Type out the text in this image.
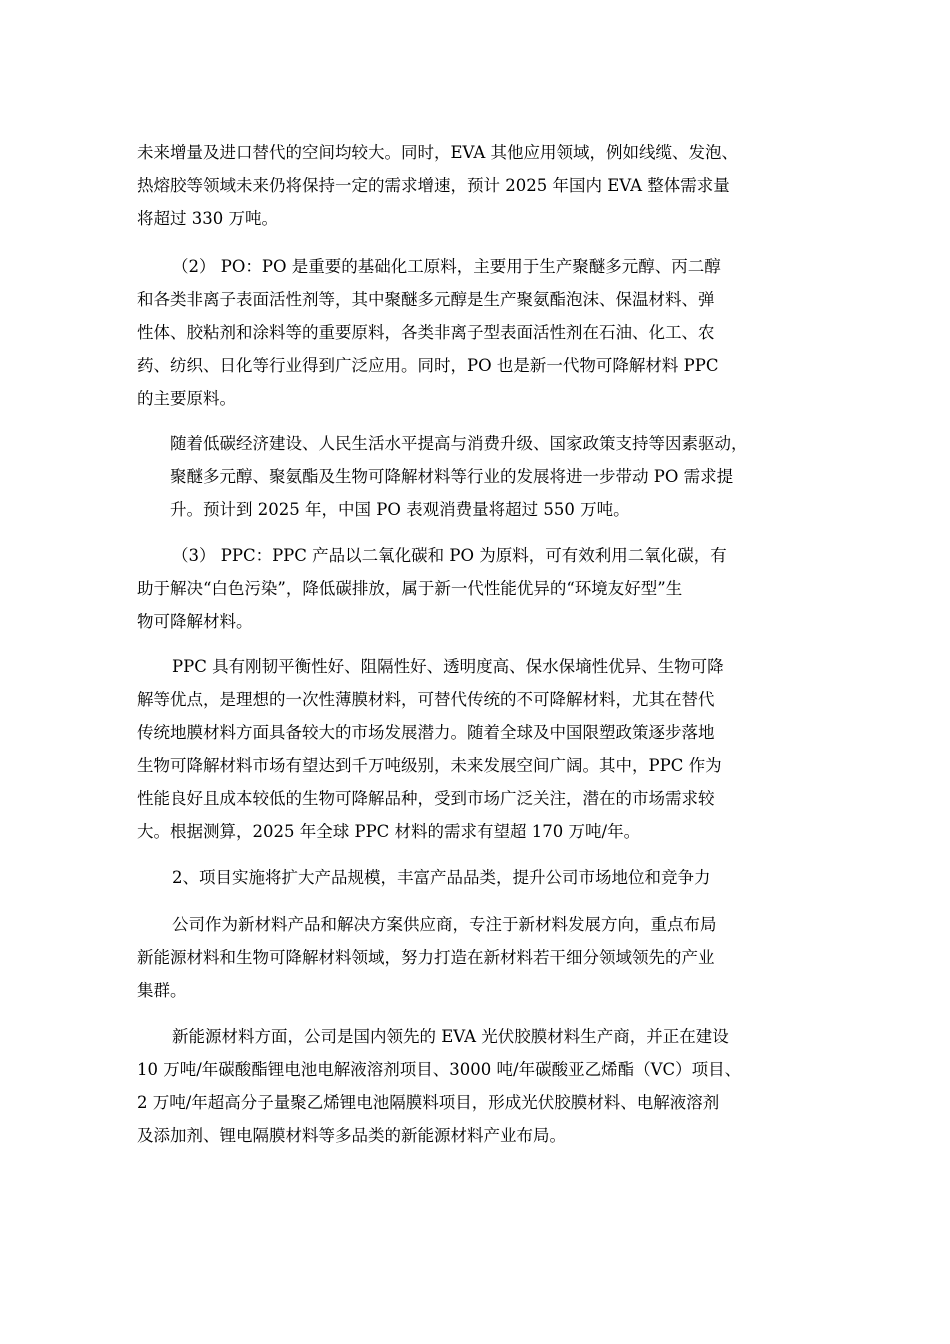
未来增量及进口替代的空间均较大。同时，EVA 其他应用领域，例如线缆、发泡、
热熔胶等领域未来仍将保持一定的需求增速，预计 2025 年国内 EVA 整体需求量
将超过 330 万吨。
（2） PO：PO 是重要的基础化工原料，主要用于生产聚醚多元醇、丙二醇
和各类非离子表面活性剂等，其中聚醚多元醇是生产聚氨酯泡沫、保温材料、弹
性体、胶粘剂和涂料等的重要原料，各类非离子型表面活性剂在石油、化工、农
药、纺织、日化等行业得到广泛应用。同时，PO 也是新一代物可降解材料 PPC
的主要原料。
随着低碳经济建设、人民生活水平提高与消费升级、国家政策支持等因素驱动，
聚醚多元醇、聚氨酯及生物可降解材料等行业的发展将进一步带动 PO 需求提
升。预计到 2025 年，中国 PO 表观消费量将超过 550 万吨。
（3） PPC：PPC 产品以二氧化碳和 PO 为原料，可有效利用二氧化碳，有
助于解决“白色污染”，降低碳排放，属于新一代性能优异的“环境友好型”生
物可降解材料。
PPC 具有刚韧平衡性好、阻隔性好、透明度高、保水保墒性优异、生物可降
解等优点，是理想的一次性薄膜材料，可替代传统的不可降解材料，尤其在替代
传统地膜材料方面具备较大的市场发展潜力。随着全球及中国限塑政策逐步落地
生物可降解材料市场有望达到千万吨级别，未来发展空间广阔。其中，PPC 作为
性能良好且成本较低的生物可降解品种，受到市场广泛关注，潜在的市场需求较
大。根据测算，2025 年全球 PPC 材料的需求有望超 170 万吨/年。
2、项目实施将扩大产品规模，丰富产品品类，提升公司市场地位和竞争力
公司作为新材料产品和解决方案供应商，专注于新材料发展方向，重点布局
新能源材料和生物可降解材料领域，努力打造在新材料若干细分领域领先的产业
集群。
新能源材料方面，公司是国内领先的 EVA 光伏胶膜材料生产商，并正在建设
10 万吨/年碳酸酯锂电池电解液溶剂项目、3000 吨/年碳酸亚乙烯酯（VC）项目、
2 万吨/年超高分子量聚乙烯锂电池隔膜料项目，形成光伏胶膜材料、电解液溶剂
及添加剂、锂电隔膜材料等多品类的新能源材料产业布局。
